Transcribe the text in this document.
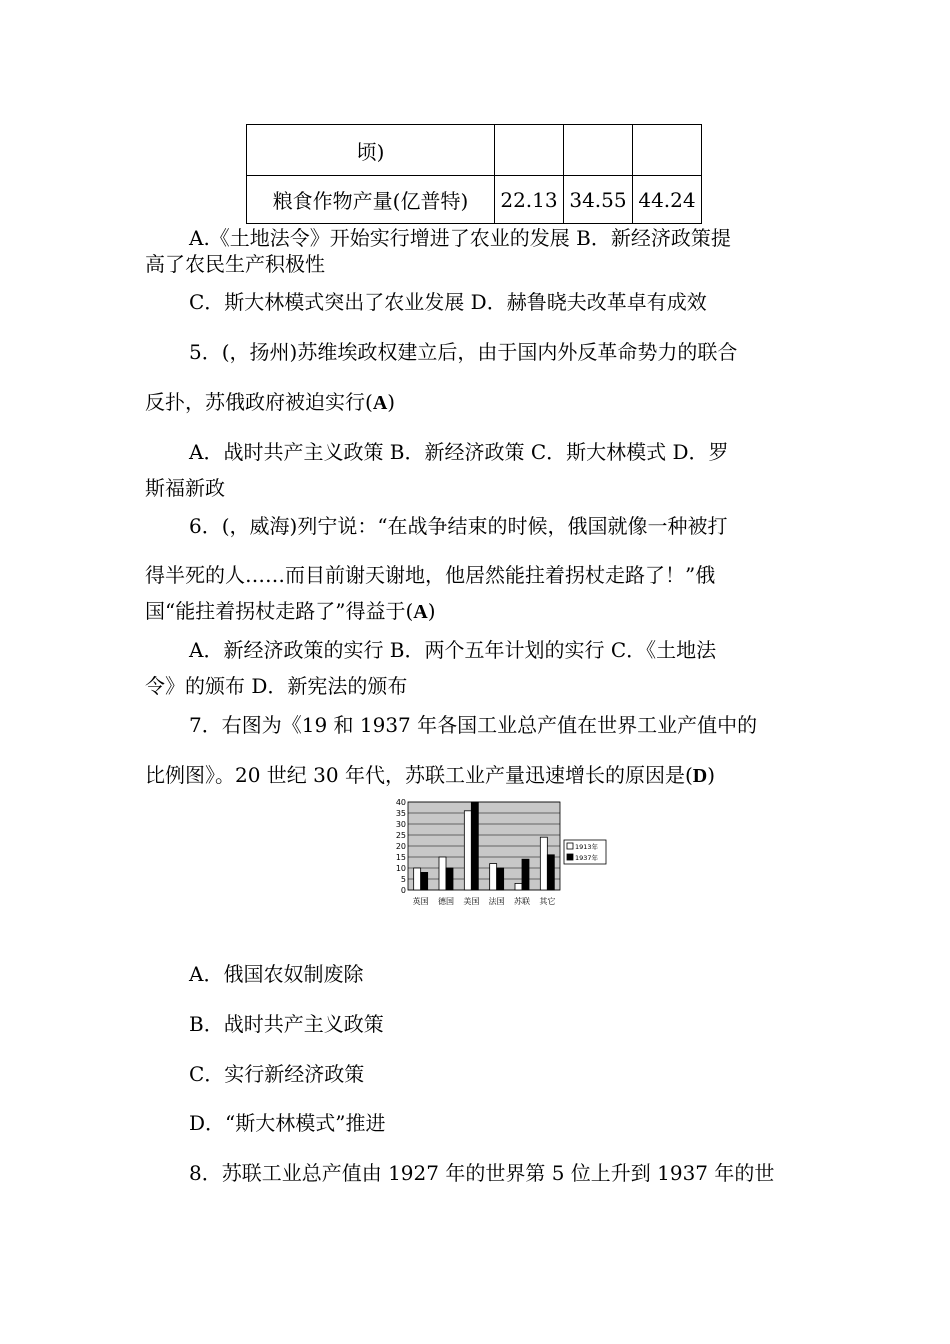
顷)			
粮食作物产量(亿普特)	22.13	34.55	44.24
A.《土地法令》开始实行增进了农业的发展 B．新经济政策提
高了农民生产积极性
C．斯大林模式突出了农业发展 D．赫鲁晓夫改革卓有成效
5．(，扬州)苏维埃政权建立后，由于国内外反革命势力的联合
反扑，苏俄政府被迫实行(A)
A．战时共产主义政策 B．新经济政策 C．斯大林模式 D．罗
斯福新政
6．(，威海)列宁说：“在战争结束的时候，俄国就像一种被打
得半死的人……而目前谢天谢地，他居然能拄着拐杖走路了！”俄
国“能拄着拐杖走路了”得益于(A)
A．新经济政策的实行 B．两个五年计划的实行 C．《土地法
令》的颁布 D．新宪法的颁布
7．右图为《19 和 1937 年各国工业总产值在世界工业产值中的
比例图》。20 世纪 30 年代，苏联工业产量迅速增长的原因是(D)
0
5
10
15
20
25
30
35
40
英国 德国 美国 法国 苏联 其它
1913年
1937年
A．俄国农奴制废除
B．战时共产主义政策
C．实行新经济政策
D．“斯大林模式”推进
8．苏联工业总产值由 1927 年的世界第 5 位上升到 1937 年的世
